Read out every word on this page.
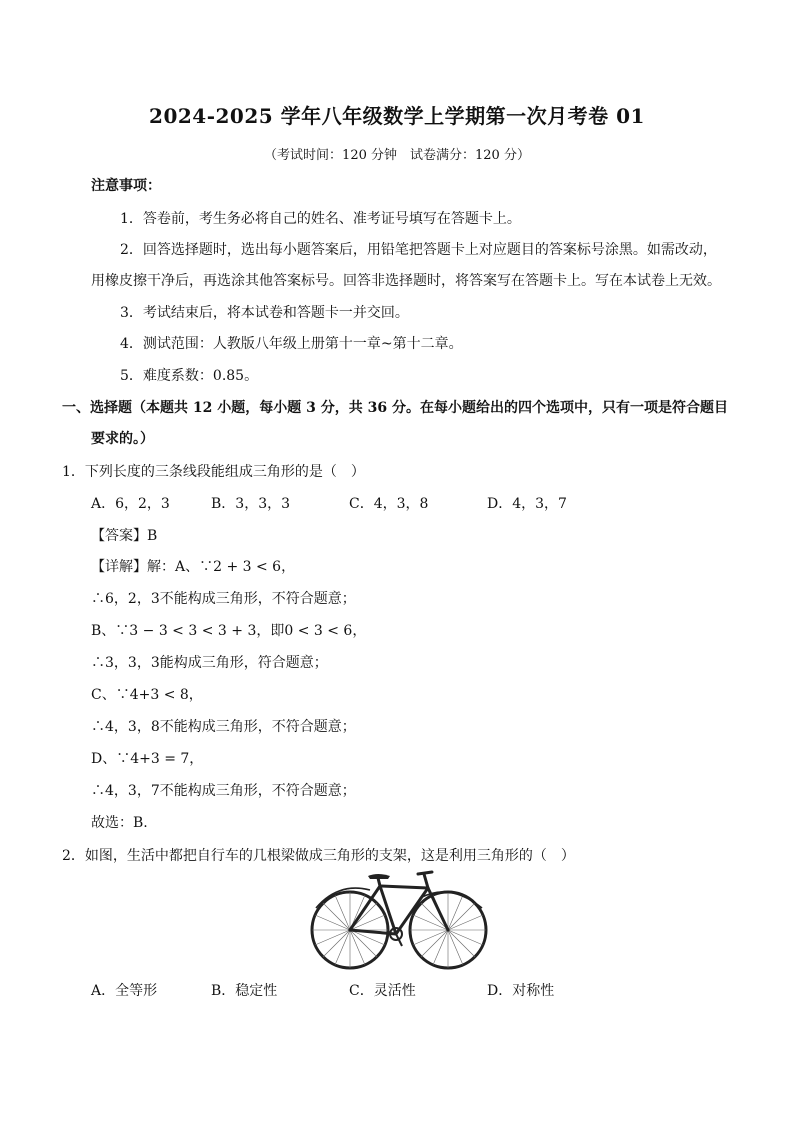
2024-2025 学年八年级数学上学期第一次月考卷 01
（考试时间：120 分钟　试卷满分：120 分）
注意事项：
1．答卷前，考生务必将自己的姓名、准考证号填写在答题卡上。
2．回答选择题时，选出每小题答案后，用铅笔把答题卡上对应题目的答案标号涂黑。如需改动，
用橡皮擦干净后，再选涂其他答案标号。回答非选择题时，将答案写在答题卡上。写在本试卷上无效。
3．考试结束后，将本试卷和答题卡一并交回。
4．测试范围：人教版八年级上册第十一章~第十二章。
5．难度系数：0.85。
一、选择题（本题共 12 小题，每小题 3 分，共 36 分。在每小题给出的四个选项中，只有一项是符合题目
要求的。）
1．下列长度的三条线段能组成三角形的是（　）
A．6，2，3	B．3，3，3	C．4，3，8	D．4，3，7
【答案】B
【详解】解：A、∵2 + 3 < 6，
∴6，2，3不能构成三角形，不符合题意；
B、∵3 − 3 < 3 < 3 + 3，即0 < 3 < 6，
∴3，3，3能构成三角形，符合题意；
C、∵4+3 < 8，
∴4，3，8不能构成三角形，不符合题意；
D、∵4+3 = 7，
∴4，3，7不能构成三角形，不符合题意；
故选：B.
2．如图，生活中都把自行车的几根梁做成三角形的支架，这是利用三角形的（　）
A．全等形	B．稳定性	C．灵活性	D．对称性
